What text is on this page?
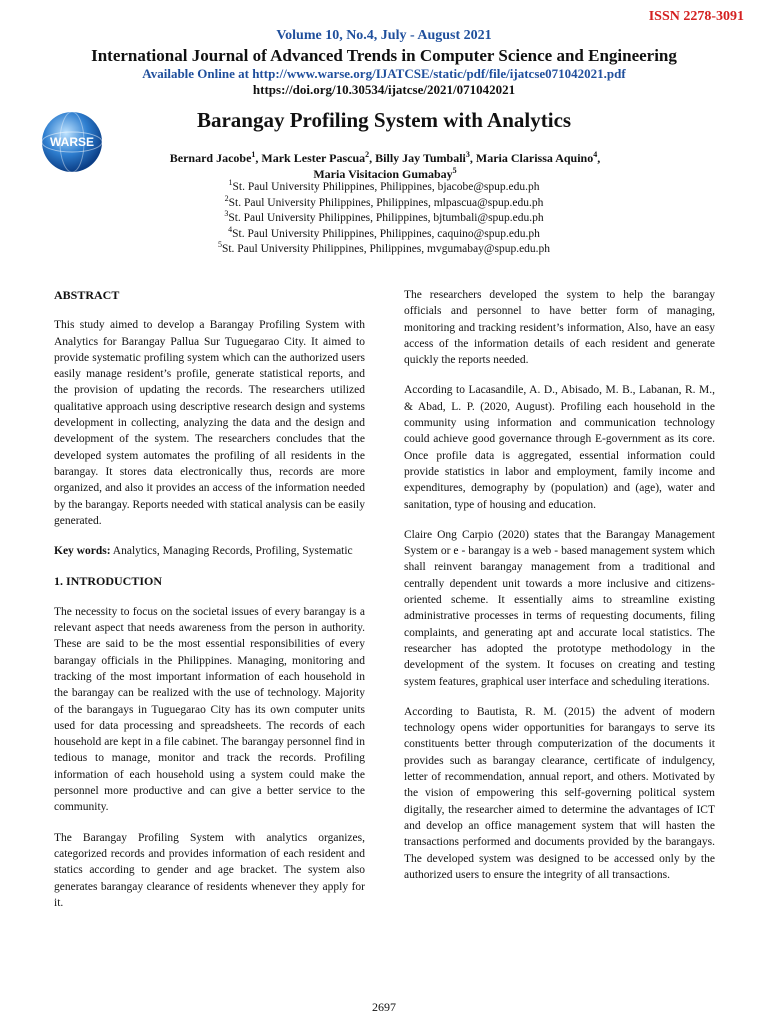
ISSN 2278-3091
Volume 10, No.4, July - August 2021
International Journal of Advanced Trends in Computer Science and Engineering
Available Online at http://www.warse.org/IJATCSE/static/pdf/file/ijatcse071042021.pdf
https://doi.org/10.30534/ijatcse/2021/071042021
WARSE
Barangay Profiling System with Analytics
Bernard Jacobe$^1$, Mark Lester Pascua$^2$, Billy Jay Tumbali$^3$, Maria Clarissa Aquino$^4$,
Maria Visitacion Gumabay$^5$
$^1$St. Paul University Philippines, Philippines, bjacobe@spup.edu.ph
$^2$St. Paul University Philippines, Philippines, mlpascua@spup.edu.ph
$^3$St. Paul University Philippines, Philippines, bjtumbali@spup.edu.ph
$^4$St. Paul University Philippines, Philippines, caquino@spup.edu.ph
$^5$St. Paul University Philippines, Philippines, mvgumabay@spup.edu.ph
ABSTRACT

This study aimed to develop a Barangay Profiling System with Analytics for Barangay Pallua Sur Tuguegarao City. It aimed to provide systematic profiling system which can the authorized users easily manage resident’s profile, generate statistical reports, and the provision of updating the records. The researchers utilized qualitative approach using descriptive research design and systems development in collecting, analyzing the data and the design and development of the system. The researchers concludes that the developed system automates the profiling of all residents in the barangay. It stores data electronically thus, records are more organized, and also it provides an access of the information needed by the barangay. Reports needed with statical analysis can be easily generated.

Key words: Analytics, Managing Records, Profiling, Systematic

1. INTRODUCTION

The necessity to focus on the societal issues of every barangay is a relevant aspect that needs awareness from the person in authority. These are said to be the most essential responsibilities of every barangay officials in the Philippines. Managing, monitoring and tracking of the most important information of each household in the barangay can be realized with the use of technology. Majority of the barangays in Tuguegarao City has its own computer units used for data processing and spreadsheets. The records of each household are kept in a file cabinet. The barangay personnel find in tedious to manage, monitor and track the records. Profiling information of each household using a system could make the personnel more productive and can give a better service to the community.

The Barangay Profiling System with analytics organizes, categorized records and provides information of each resident and statics according to gender and age bracket. The system also generates barangay clearance of residents whenever they apply for it.

The researchers developed the system to help the barangay officials and personnel to have better form of managing, monitoring and tracking resident’s information, Also, have an easy access of the information details of each resident and generate quickly the reports needed.

According to Lacasandile, A. D., Abisado, M. B., Labanan, R. M., & Abad, L. P. (2020, August). Profiling each household in the community using information and communication technology could achieve good governance through E-government as its core. Once profile data is aggregated, essential information could provide statistics in labor and employment, family income and expenditures, demography by (population) and (age), water and sanitation, type of housing and education.

Claire Ong Carpio (2020) states that the Barangay Management System or e - barangay is a web - based management system which shall reinvent barangay management from a traditional and centrally dependent unit towards a more inclusive and citizens-oriented scheme. It essentially aims to streamline existing administrative processes in terms of requesting documents, filing complaints, and generating apt and accurate local statistics. The researcher has adopted the prototype methodology in the development of the system. It focuses on creating and testing system features, graphical user interface and scheduling iterations.

According to Bautista, R. M. (2015) the advent of modern technology opens wider opportunities for barangays to serve its constituents better through computerization of the documents it provides such as barangay clearance, certificate of indulgency, letter of recommendation, annual report, and others. Motivated by the vision of empowering this self-governing political system digitally, the researcher aimed to determine the advantages of ICT and develop an office management system that will hasten the transactions performed and documents provided by the barangays. The developed system was designed to be accessed only by the authorized users to ensure the integrity of all transactions.

2697
